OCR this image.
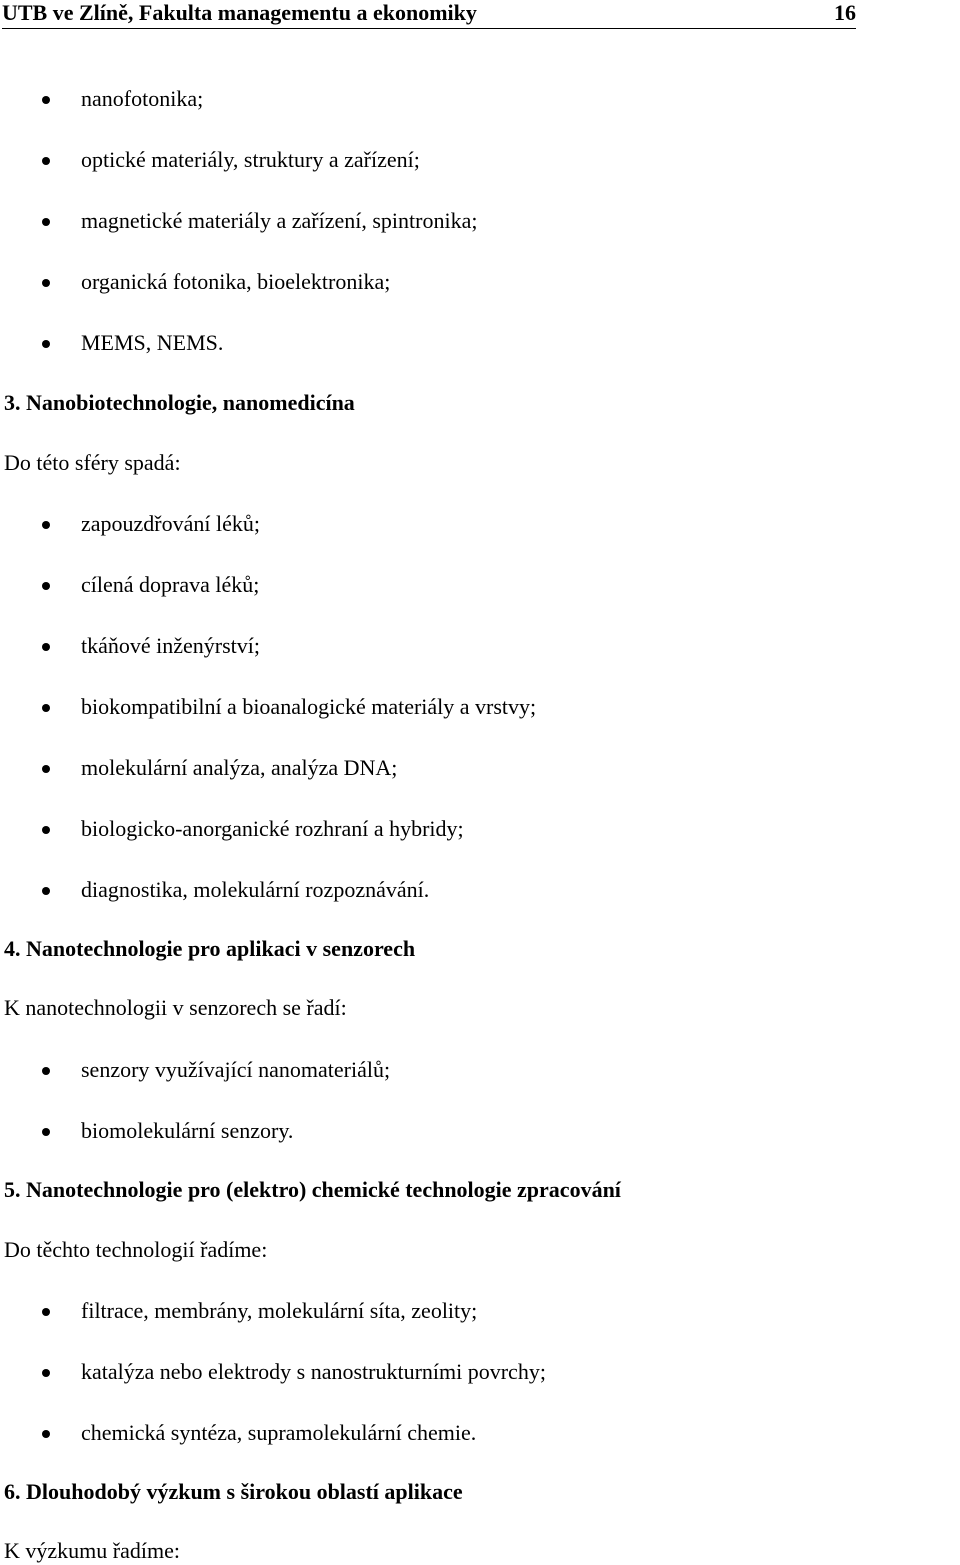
UTB ve Zlíně, Fakulta managementu a ekonomiky	16
nanofotonika;
optické materiály, struktury a zařízení;
magnetické materiály a zařízení, spintronika;
organická fotonika, bioelektronika;
MEMS, NEMS.
3. Nanobiotechnologie, nanomedicína
Do této sféry spadá:
zapouzdřování léků;
cílená doprava léků;
tkáňové inženýrství;
biokompatibilní a bioanalogické materiály a vrstvy;
molekulární analýza, analýza DNA;
biologicko-anorganické rozhraní a hybridy;
diagnostika, molekulární rozpoznávání.
4. Nanotechnologie pro aplikaci v senzorech
K nanotechnologii v senzorech se řadí:
senzory využívající nanomateriálů;
biomolekulární senzory.
5. Nanotechnologie pro (elektro) chemické technologie zpracování
Do těchto technologií řadíme:
filtrace, membrány, molekulární síta, zeolity;
katalýza nebo elektrody s nanostrukturními povrchy;
chemická syntéza, supramolekulární chemie.
6. Dlouhodobý výzkum s širokou oblastí aplikace
K výzkumu řadíme:
